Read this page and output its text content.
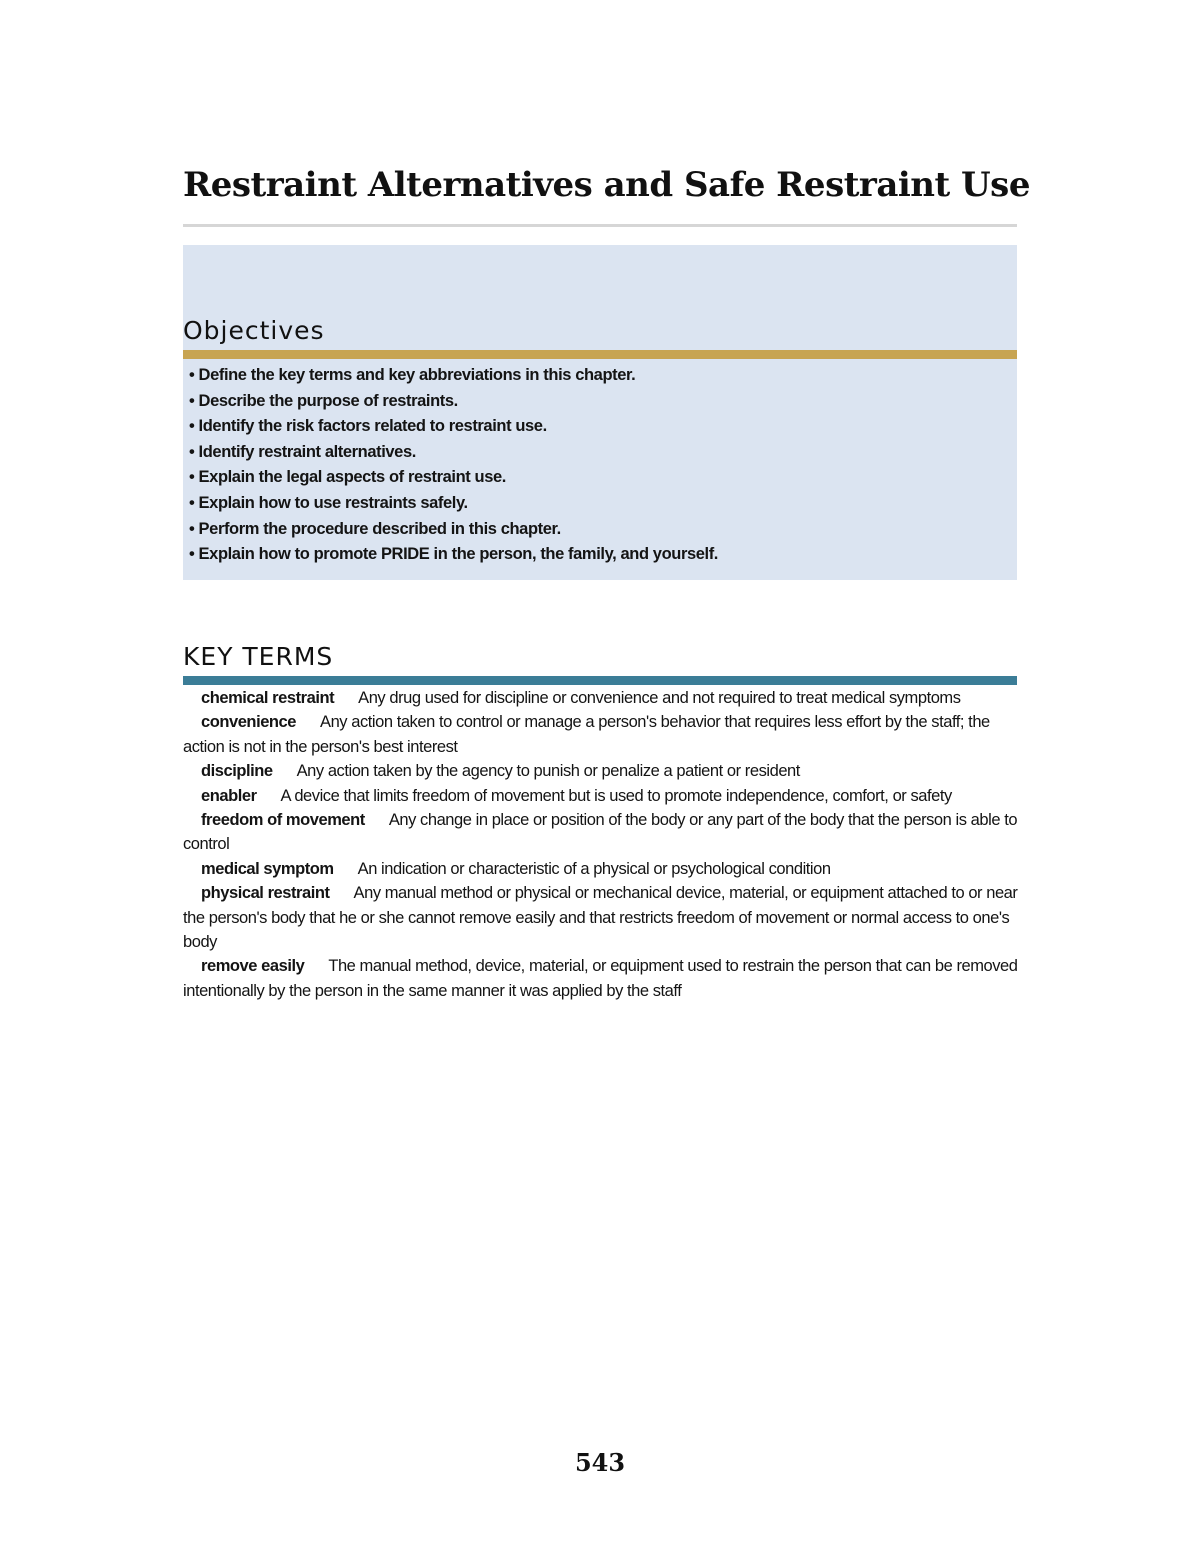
Restraint Alternatives and Safe Restraint Use
Objectives
• Define the key terms and key abbreviations in this chapter.
• Describe the purpose of restraints.
• Identify the risk factors related to restraint use.
• Identify restraint alternatives.
• Explain the legal aspects of restraint use.
• Explain how to use restraints safely.
• Perform the procedure described in this chapter.
• Explain how to promote PRIDE in the person, the family, and yourself.
KEY TERMS

chemical restraint Any drug used for discipline or convenience and not required to treat medical symptoms

convenience Any action taken to control or manage a person's behavior that requires less effort by the staff; the action is not in the person's best interest

discipline Any action taken by the agency to punish or penalize a patient or resident

enabler A device that limits freedom of movement but is used to promote independence, comfort, or safety

freedom of movement Any change in place or position of the body or any part of the body that the person is able to control

medical symptom An indication or characteristic of a physical or psychological condition

physical restraint Any manual method or physical or mechanical device, material, or equipment attached to or near the person's body that he or she cannot remove easily and that restricts freedom of movement or normal access to one's body

remove easily The manual method, device, material, or equipment used to restrain the person that can be removed intentionally by the person in the same manner it was applied by the staff

543
